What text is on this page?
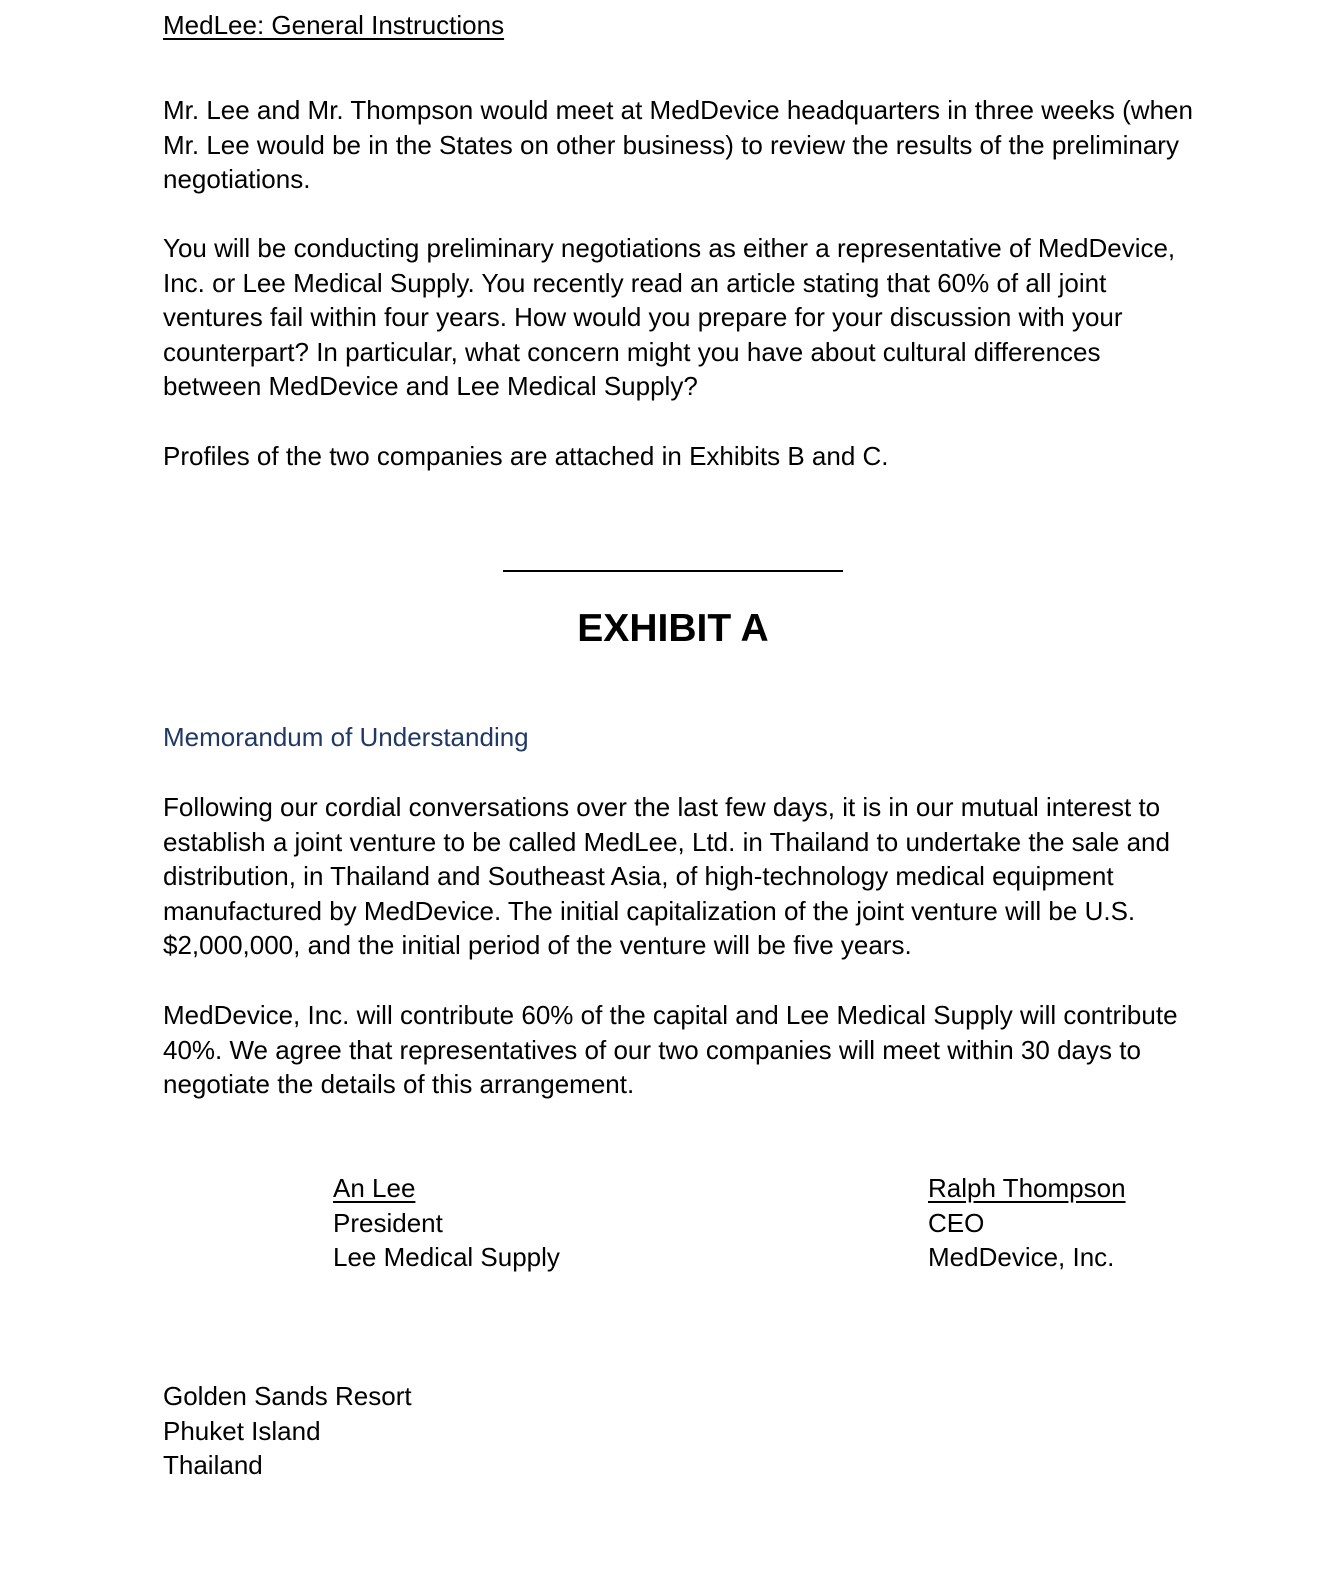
MedLee: General Instructions

Mr. Lee and Mr. Thompson would meet at MedDevice headquarters in three weeks (when Mr. Lee would be in the States on other business) to review the results of the preliminary negotiations.

You will be conducting preliminary negotiations as either a representative of MedDevice, Inc. or Lee Medical Supply. You recently read an article stating that 60% of all joint ventures fail within four years. How would you prepare for your discussion with your counterpart? In particular, what concern might you have about cultural differences between MedDevice and Lee Medical Supply?

Profiles of the two companies are attached in Exhibits B and C.

EXHIBIT A
Memorandum of Understanding

Following our cordial conversations over the last few days, it is in our mutual interest to establish a joint venture to be called MedLee, Ltd. in Thailand to undertake the sale and distribution, in Thailand and Southeast Asia, of high-technology medical equipment manufactured by MedDevice. The initial capitalization of the joint venture will be U.S. $2,000,000, and the initial period of the venture will be five years.

MedDevice, Inc. will contribute 60% of the capital and Lee Medical Supply will contribute 40%. We agree that representatives of our two companies will meet within 30 days to negotiate the details of this arrangement.

An Lee
President
Lee Medical Supply
Ralph Thompson
CEO
MedDevice, Inc.
Golden Sands Resort
Phuket Island
Thailand
